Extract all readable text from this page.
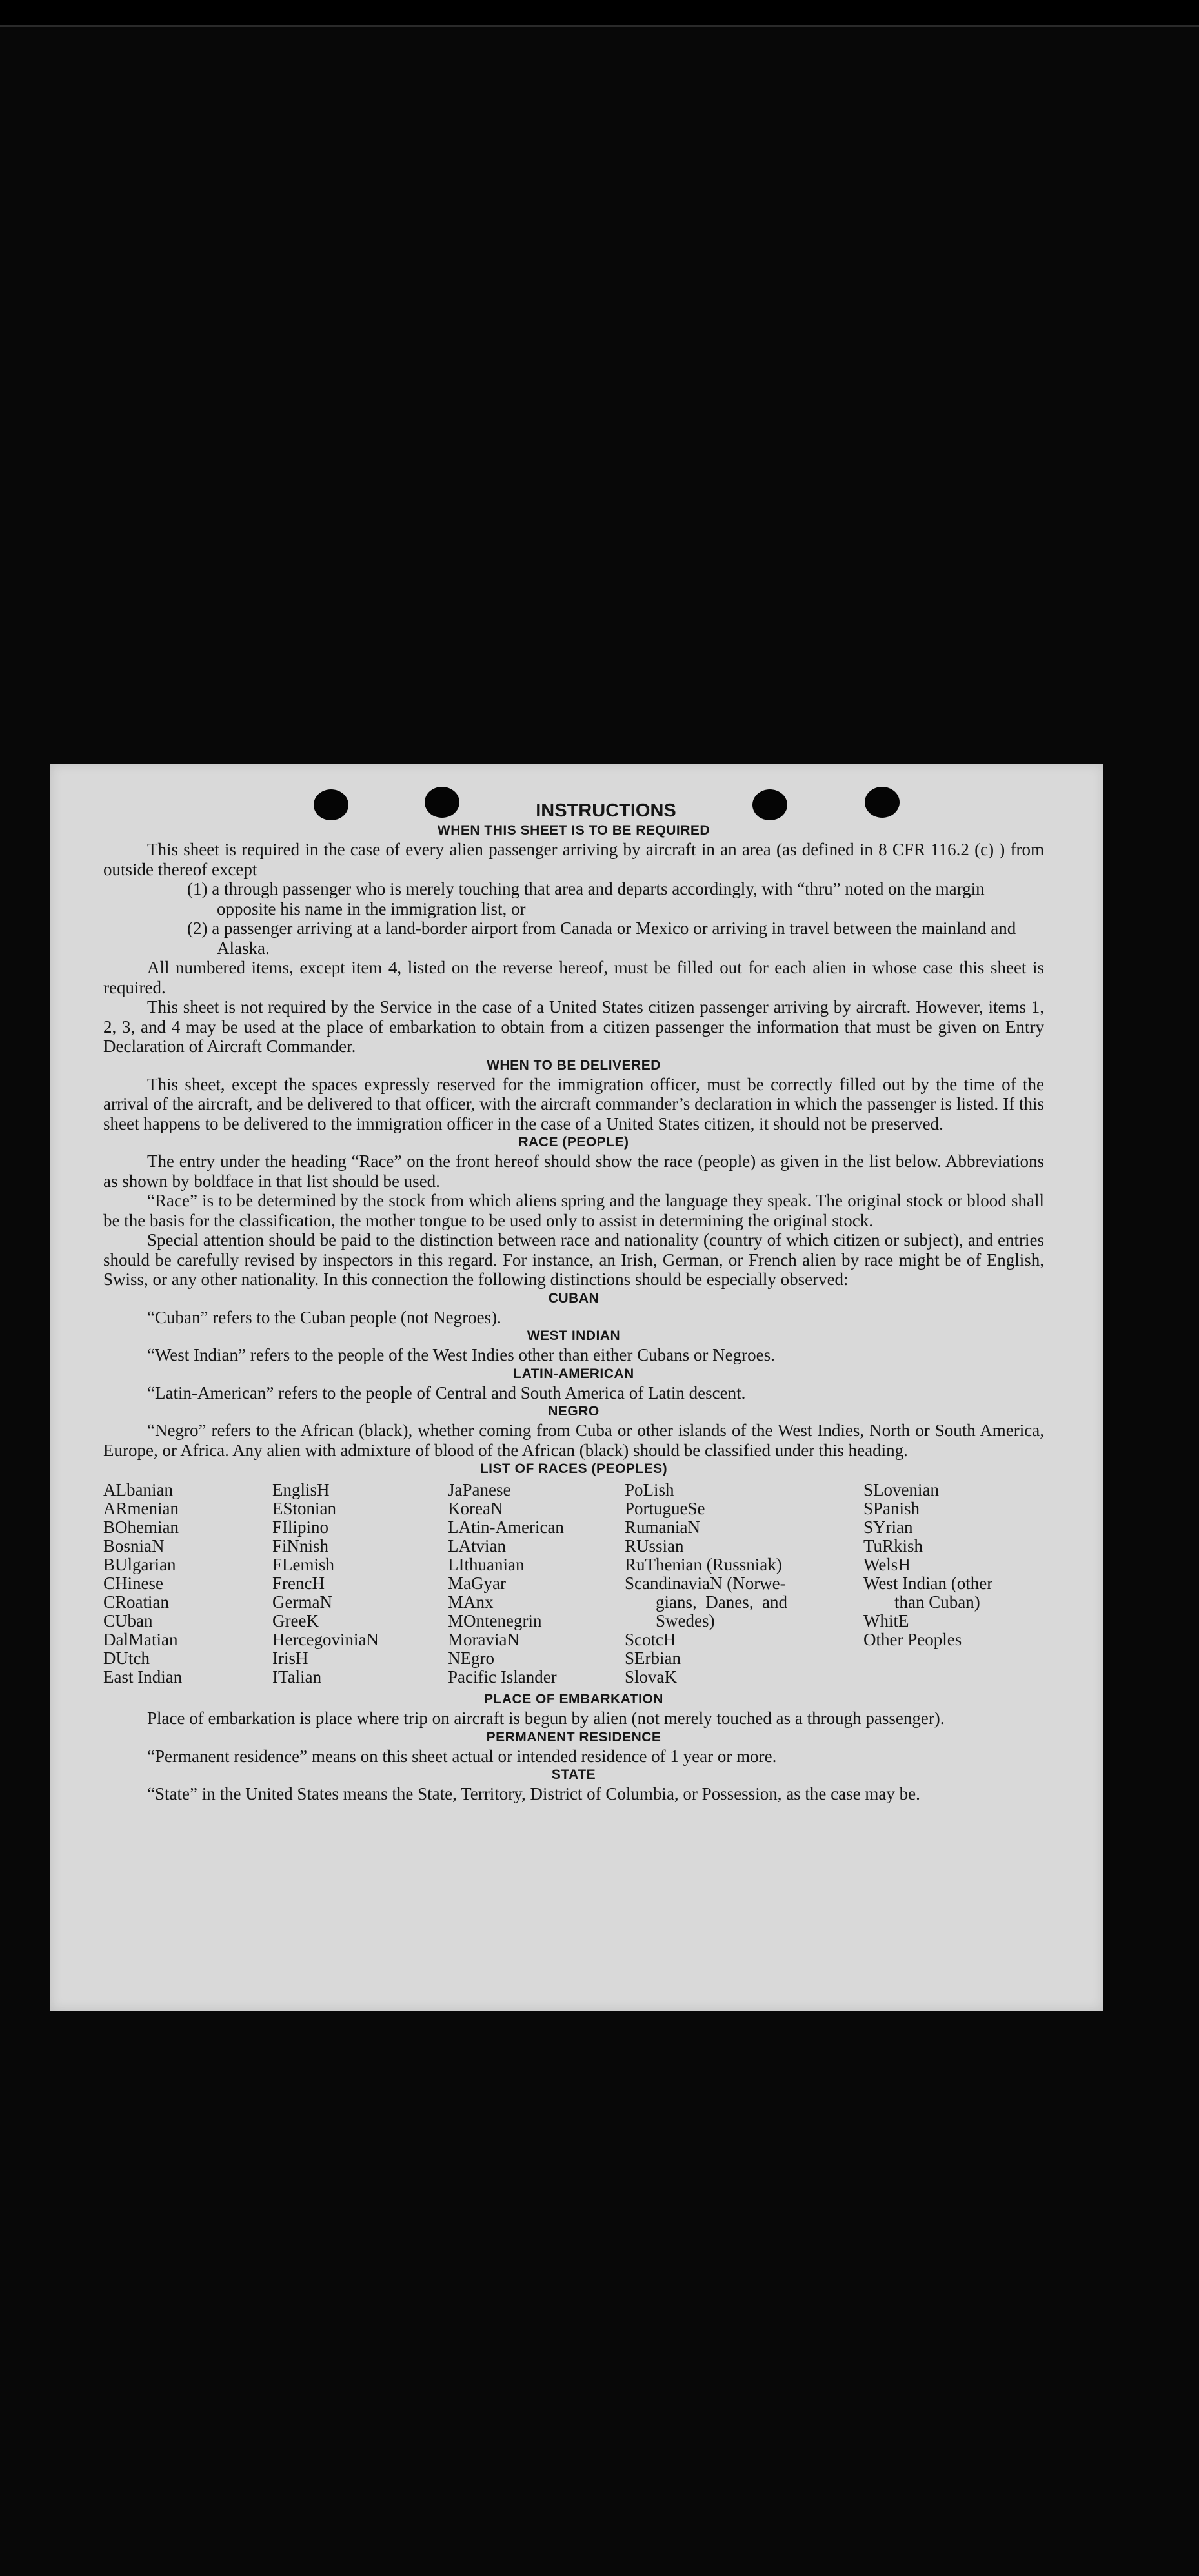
INSTRUCTIONS
WHEN THIS SHEET IS TO BE REQUIRED

This sheet is required in the case of every alien passenger arriving by aircraft in an area (as defined in 8 CFR 116.2 (c) ) from outside thereof except

(1) a through passenger who is merely touching that area and departs accordingly, with “thru” noted on the margin opposite his name in the immigration list, or

(2) a passenger arriving at a land-border airport from Canada or Mexico or arriving in travel between the mainland and Alaska.

All numbered items, except item 4, listed on the reverse hereof, must be filled out for each alien in whose case this sheet is required.

This sheet is not required by the Service in the case of a United States citizen passenger arriving by aircraft. However, items 1, 2, 3, and 4 may be used at the place of embarkation to obtain from a citizen passenger the information that must be given on Entry Declaration of Aircraft Commander.

WHEN TO BE DELIVERED

This sheet, except the spaces expressly reserved for the immigration officer, must be correctly filled out by the time of the arrival of the aircraft, and be delivered to that officer, with the aircraft commander’s declaration in which the passenger is listed. If this sheet happens to be delivered to the immigration officer in the case of a United States citizen, it should not be preserved.

RACE (PEOPLE)

The entry under the heading “Race” on the front hereof should show the race (people) as given in the list below. Abbreviations as shown by boldface in that list should be used.

“Race” is to be determined by the stock from which aliens spring and the language they speak. The original stock or blood shall be the basis for the classification, the mother tongue to be used only to assist in determining the original stock.

Special attention should be paid to the distinction between race and nationality (country of which citizen or subject), and entries should be carefully revised by inspectors in this regard. For instance, an Irish, German, or French alien by race might be of English, Swiss, or any other nationality. In this connection the following distinctions should be especially observed:

CUBAN

“Cuban” refers to the Cuban people (not Negroes).

WEST INDIAN

“West Indian” refers to the people of the West Indies other than either Cubans or Negroes.

LATIN-AMERICAN

“Latin-American” refers to the people of Central and South America of Latin descent.

NEGRO

“Negro” refers to the African (black), whether coming from Cuba or other islands of the West Indies, North or South America, Europe, or Africa. Any alien with admixture of blood of the African (black) should be classified under this heading.

LIST OF RACES (PEOPLES)
ALbanian
ARmenian
BOhemian
BosniaN
BUlgarian
CHinese
CRoatian
CUban
DalMatian
DUtch
East Indian
EnglisH
EStonian
FIlipino
FiNnish
FLemish
FrencH
GermaN
GreeK
HercegoviniaN
IrisH
ITalian
JaPanese
KoreaN
LAtin-American
LAtvian
LIthuanian
MaGyar
MAnx
MOntenegrin
MoraviaN
NEgro
Pacific Islander
PoLish
PortugueSe
RumaniaN
RUssian
RuThenian (Russniak)
ScandinaviaN (Norwe-
gians,  Danes,  and
Swedes)
ScotcH
SErbian
SlovaK
SLovenian
SPanish
SYrian
TuRkish
WelsH
West Indian (other
than Cuban)
WhitE
Other Peoples
PLACE OF EMBARKATION

Place of embarkation is place where trip on aircraft is begun by alien (not merely touched as a through passenger).

PERMANENT RESIDENCE

“Permanent residence” means on this sheet actual or intended residence of 1 year or more.

STATE

“State” in the United States means the State, Territory, District of Columbia, or Possession, as the case may be.
